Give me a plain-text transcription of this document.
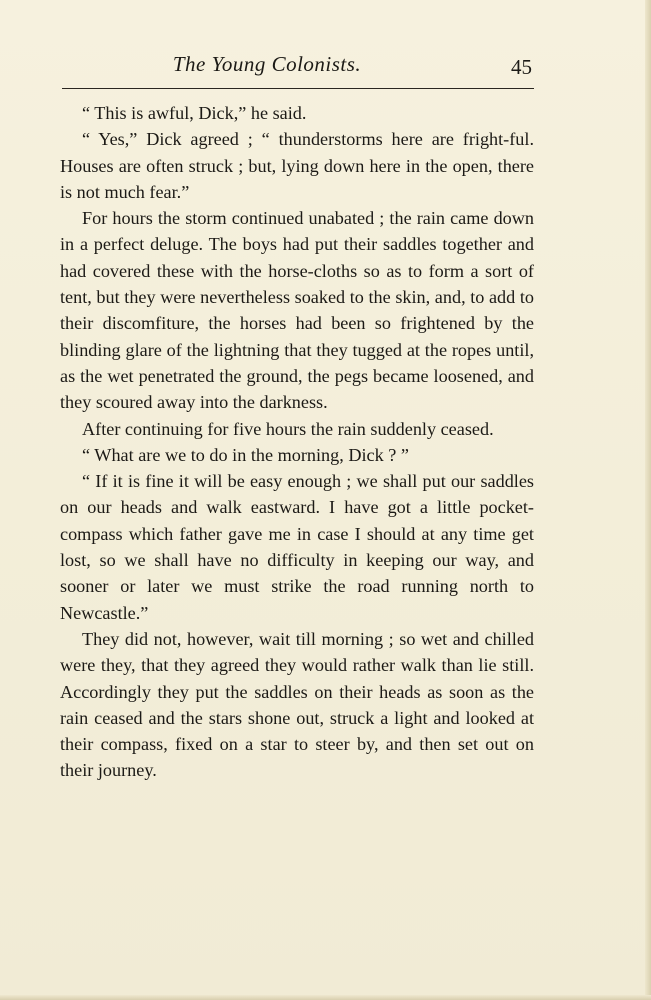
The Young Colonists.	45

“ This is awful, Dick,” he said.

“ Yes,” Dick agreed ; “ thunderstorms here are fright-ful. Houses are often struck ; but, lying down here in the open, there is not much fear.”

For hours the storm continued unabated ; the rain came down in a perfect deluge. The boys had put their saddles together and had covered these with the horse-cloths so as to form a sort of tent, but they were nevertheless soaked to the skin, and, to add to their discomfiture, the horses had been so frightened by the blinding glare of the lightning that they tugged at the ropes until, as the wet penetrated the ground, the pegs became loosened, and they scoured away into the darkness.

After continuing for five hours the rain suddenly ceased.

“ What are we to do in the morning, Dick ? ”

“ If it is fine it will be easy enough ; we shall put our saddles on our heads and walk eastward. I have got a little pocket-compass which father gave me in case I should at any time get lost, so we shall have no difficulty in keeping our way, and sooner or later we must strike the road running north to Newcastle.”

They did not, however, wait till morning ; so wet and chilled were they, that they agreed they would rather walk than lie still. Accordingly they put the saddles on their heads as soon as the rain ceased and the stars shone out, struck a light and looked at their compass, fixed on a star to steer by, and then set out on their journey.
